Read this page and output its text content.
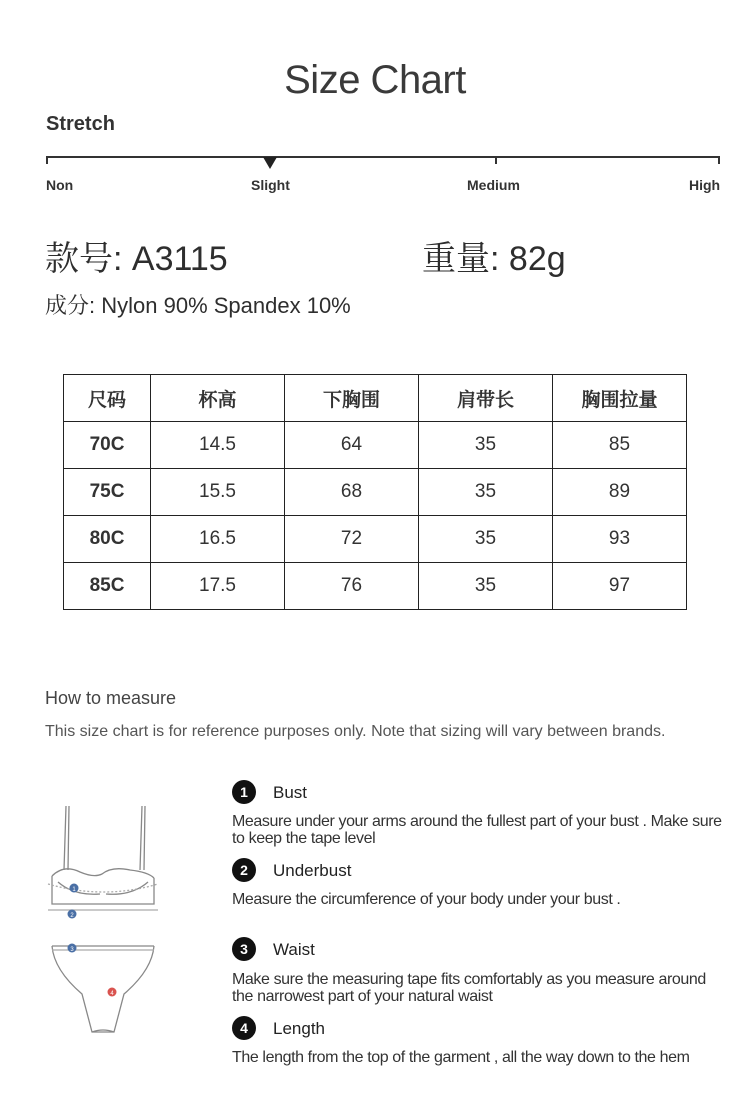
Size Chart
Stretch
Non	Slight	Medium	High
款号: A3115	重量: 82g
成分: Nylon 90% Spandex 10%
尺码	杯高	下胸围	肩带长	胸围拉量
70C	14.5	64	35	85
75C	15.5	68	35	89
80C	16.5	72	35	93
85C	17.5	76	35	97
How to measure
This size chart is for reference purposes only. Note that sizing will vary between brands.
1
2
3
4
1	Bust
Measure under your arms around the fullest part of your bust . Make sure to keep the tape level
2	Underbust
Measure the circumference of your body under your bust .
3	Waist
Make sure the measuring tape fits comfortably as you measure around the narrowest part of your natural waist
4	Length
The length from the top of the garment , all the way down to the hem
